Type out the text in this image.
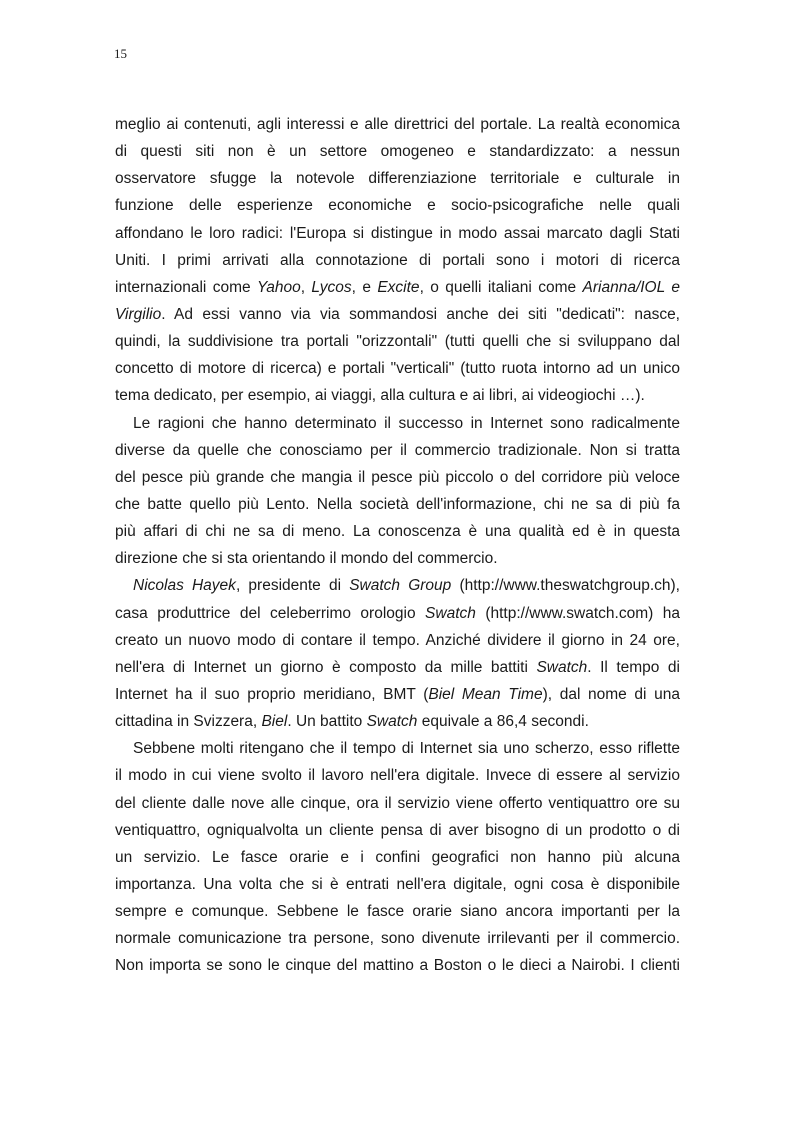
15
meglio ai contenuti, agli interessi e alle direttrici del portale. La realtà economica
di questi siti non è un settore omogeneo e standardizzato: a nessun
osservatore sfugge la notevole differenziazione territoriale e culturale in
funzione delle esperienze economiche e socio-psicografiche nelle quali
affondano le loro radici: l'Europa si distingue in modo assai marcato dagli Stati
Uniti. I primi arrivati alla connotazione di portali sono i motori di ricerca
internazionali come Yahoo, Lycos, e Excite, o quelli italiani come Arianna/IOL e
Virgilio. Ad essi vanno via via sommandosi anche dei siti "dedicati": nasce,
quindi, la suddivisione tra portali "orizzontali" (tutti quelli che si sviluppano dal
concetto di motore di ricerca) e portali "verticali" (tutto ruota intorno ad un unico
tema dedicato, per esempio, ai viaggi, alla cultura e ai libri, ai videogiochi …).
Le ragioni che hanno determinato il successo in Internet sono radicalmente
diverse da quelle che conosciamo per il commercio tradizionale. Non si tratta
del pesce più grande che mangia il pesce più piccolo o del corridore più veloce
che batte quello più Lento. Nella società dell'informazione, chi ne sa di più fa
più affari di chi ne sa di meno. La conoscenza è una qualità ed è in questa
direzione che si sta orientando il mondo del commercio.
Nicolas Hayek, presidente di Swatch Group (http://www.theswatchgroup.ch),
casa produttrice del celeberrimo orologio Swatch (http://www.swatch.com) ha
creato un nuovo modo di contare il tempo. Anziché dividere il giorno in 24 ore,
nell'era di Internet un giorno è composto da mille battiti Swatch. Il tempo di
Internet ha il suo proprio meridiano, BMT (Biel Mean Time), dal nome di una
cittadina in Svizzera, Biel. Un battito Swatch equivale a 86,4 secondi.
Sebbene molti ritengano che il tempo di Internet sia uno scherzo, esso riflette
il modo in cui viene svolto il lavoro nell'era digitale. Invece di essere al servizio
del cliente dalle nove alle cinque, ora il servizio viene offerto ventiquattro ore su
ventiquattro, ogniqualvolta un cliente pensa di aver bisogno di un prodotto o di
un servizio. Le fasce orarie e i confini geografici non hanno più alcuna
importanza. Una volta che si è entrati nell'era digitale, ogni cosa è disponibile
sempre e comunque. Sebbene le fasce orarie siano ancora importanti per la
normale comunicazione tra persone, sono divenute irrilevanti per il commercio.
Non importa se sono le cinque del mattino a Boston o le dieci a Nairobi. I clienti
